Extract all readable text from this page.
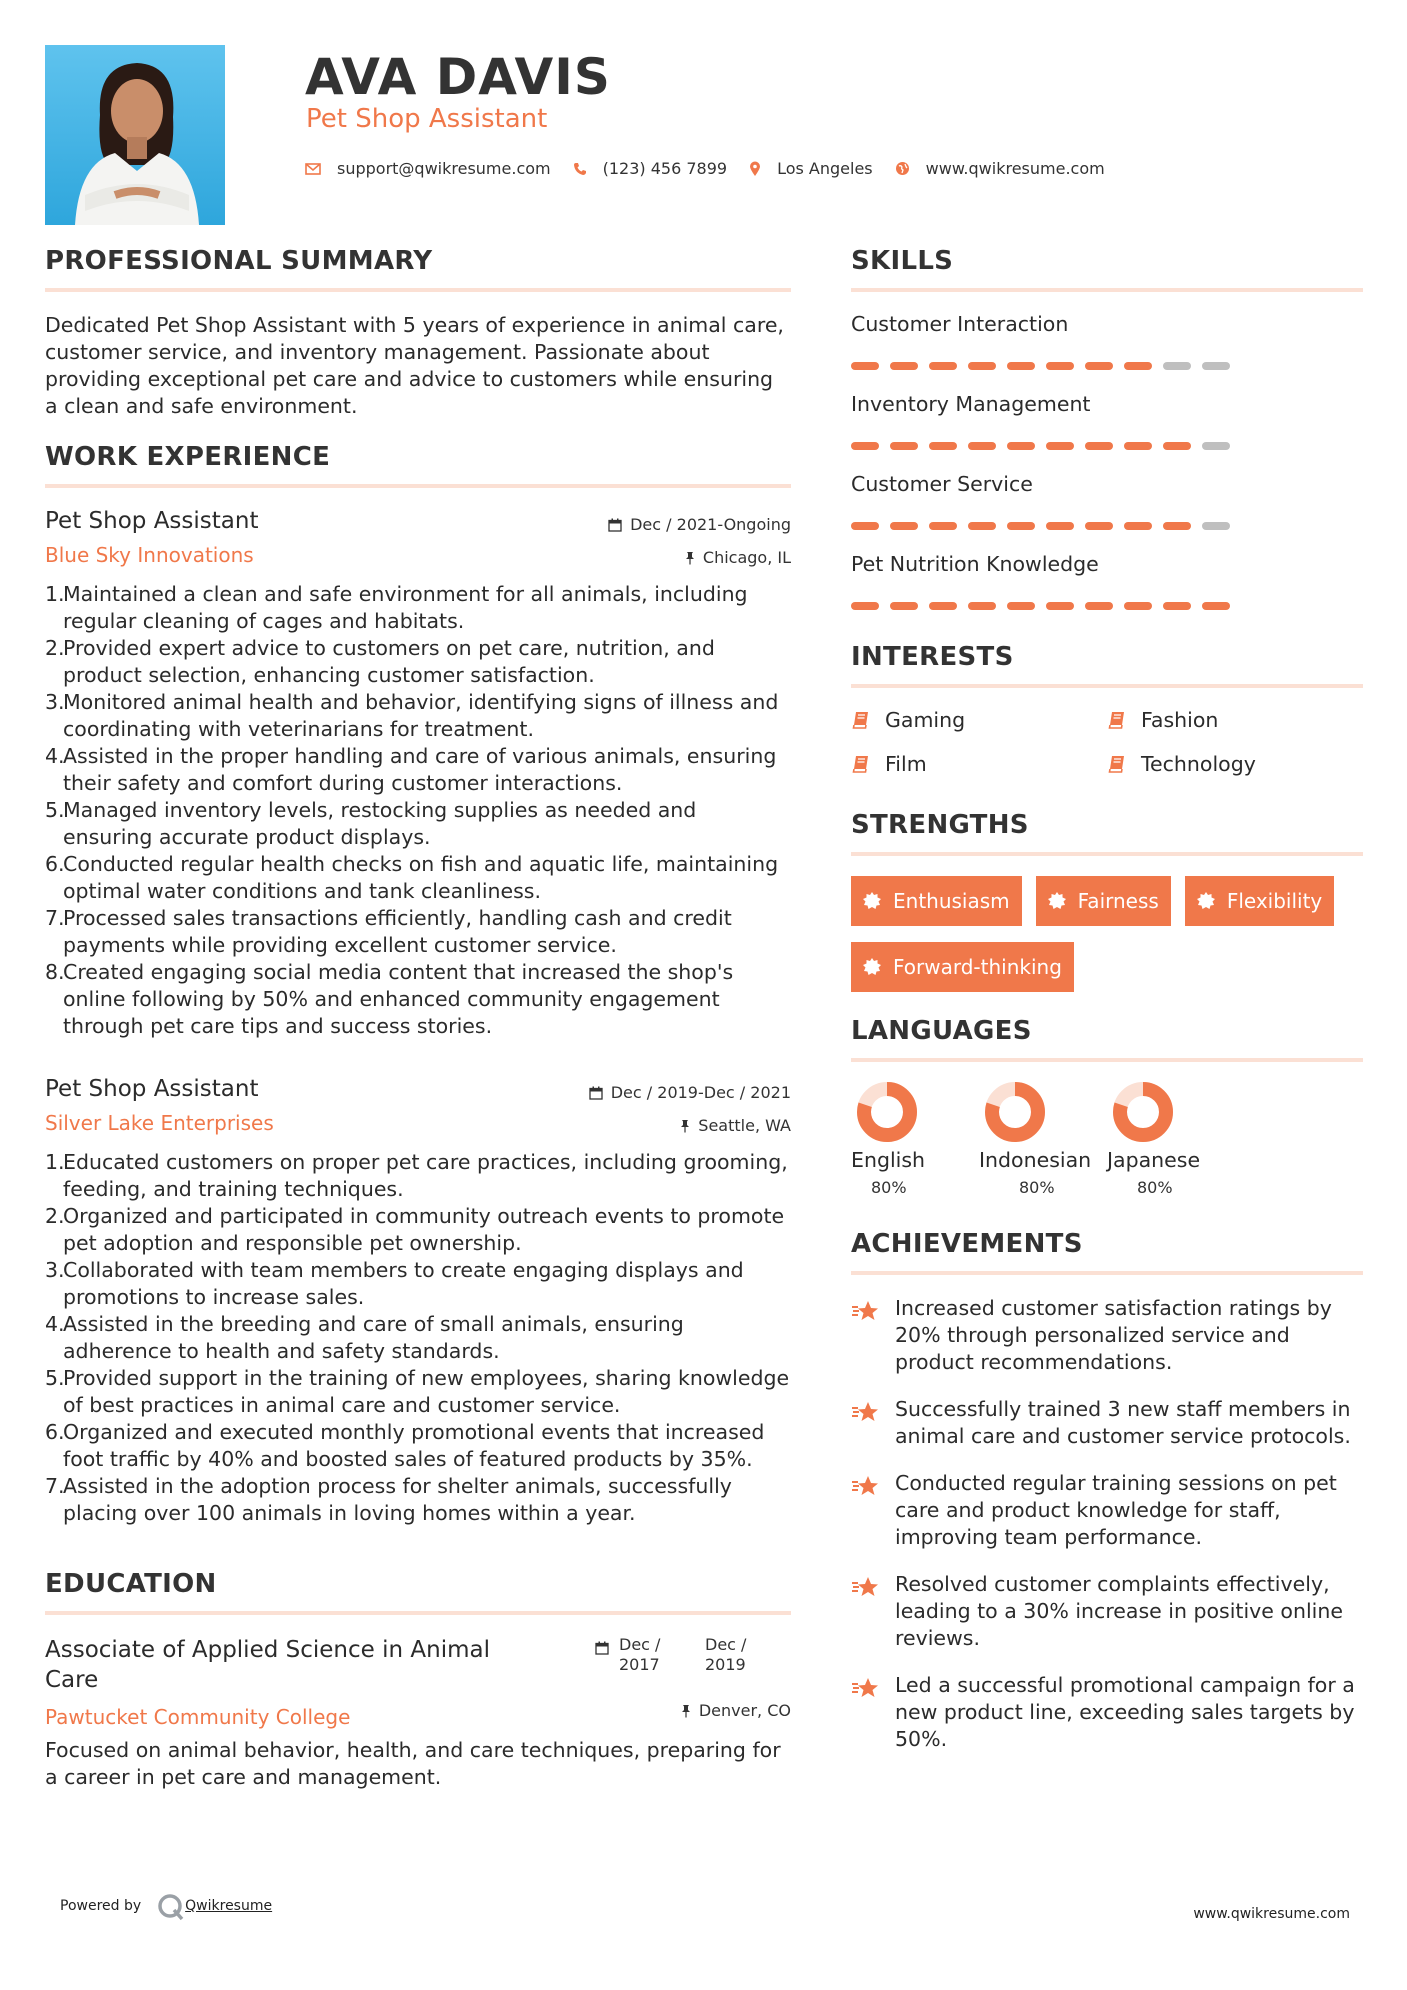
AVA DAVIS

Pet Shop Assistant

support@qwikresume.com	(123) 456 7899	Los Angeles	www.qwikresume.com
PROFESSIONAL SUMMARY

Dedicated Pet Shop Assistant with 5 years of experience in animal care, customer service, and inventory management. Passionate about providing exceptional pet care and advice to customers while ensuring a clean and safe environment.

WORK EXPERIENCE

Pet Shop Assistant

Blue Sky Innovations

Dec / 2021-Ongoing
Chicago, IL
1.
Maintained a clean and safe environment for all animals, including regular cleaning of cages and habitats.
2.
Provided expert advice to customers on pet care, nutrition, and product selection, enhancing customer satisfaction.
3.
Monitored animal health and behavior, identifying signs of illness and coordinating with veterinarians for treatment.
4.
Assisted in the proper handling and care of various animals, ensuring their safety and comfort during customer interactions.
5.
Managed inventory levels, restocking supplies as needed and ensuring accurate product displays.
6.
Conducted regular health checks on fish and aquatic life, maintaining optimal water conditions and tank cleanliness.
7.
Processed sales transactions efficiently, handling cash and credit payments while providing excellent customer service.
8.
Created engaging social media content that increased the shop's online following by 50% and enhanced community engagement through pet care tips and success stories.

Pet Shop Assistant

Silver Lake Enterprises

Dec / 2019-Dec / 2021
Seattle, WA
1.
Educated customers on proper pet care practices, including grooming, feeding, and training techniques.
2.
Organized and participated in community outreach events to promote pet adoption and responsible pet ownership.
3.
Collaborated with team members to create engaging displays and promotions to increase sales.
4.
Assisted in the breeding and care of small animals, ensuring adherence to health and safety standards.
5.
Provided support in the training of new employees, sharing knowledge of best practices in animal care and customer service.
6.
Organized and executed monthly promotional events that increased foot traffic by 40% and boosted sales of featured products by 35%.
7.
Assisted in the adoption process for shelter animals, successfully placing over 100 animals in loving homes within a year.
EDUCATION

Associate of Applied Science in Animal Care

Pawtucket Community College

Dec / 2017
Dec / 2019
Denver, CO

Focused on animal behavior, health, and care techniques, preparing for a career in pet care and management.

SKILLS

Customer Interaction

Inventory Management

Customer Service

Pet Nutrition Knowledge

INTERESTS
Gaming	Fashion
Film	Technology
STRENGTHS
Enthusiasm	Fairness	Flexibility
Forward-thinking
LANGUAGES
English
80%
Indonesian
80%
Japanese
80%
ACHIEVEMENTS
Increased customer satisfaction ratings by 20% through personalized service and product recommendations.
Successfully trained 3 new staff members in animal care and customer service protocols.
Conducted regular training sessions on pet care and product knowledge for staff, improving team performance.
Resolved customer complaints effectively, leading to a 30% increase in positive online reviews.
Led a successful promotional campaign for a new product line, exceeding sales targets by 50%.
Powered by	Qwikresume	www.qwikresume.com
